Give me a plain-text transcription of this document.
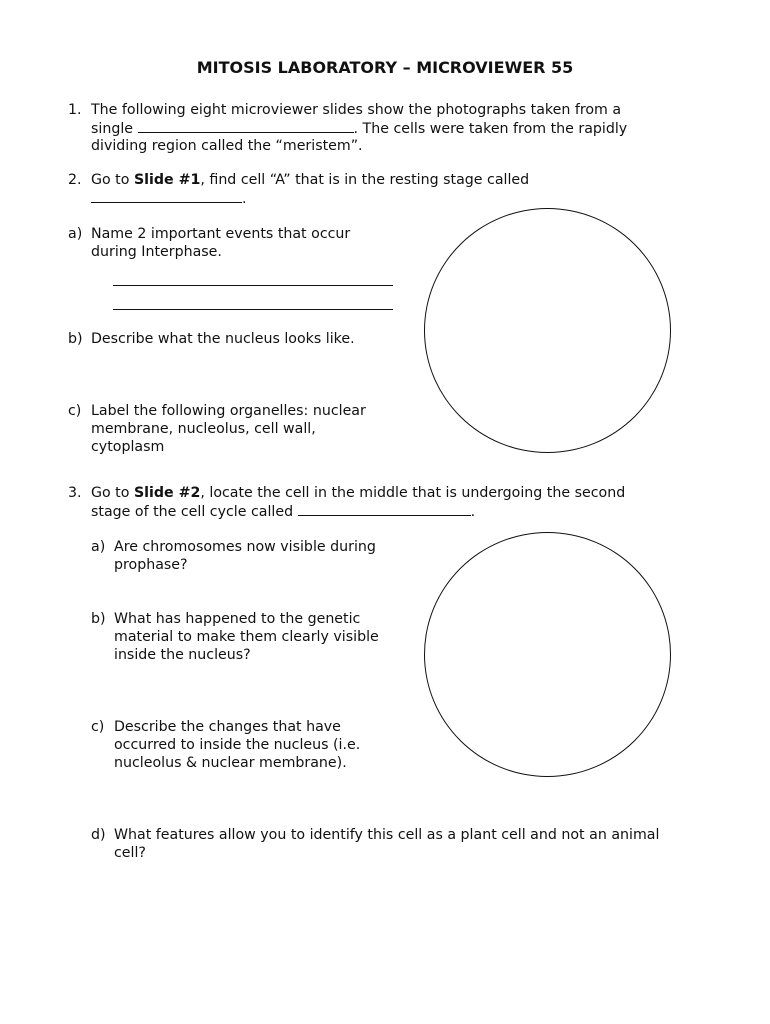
MITOSIS LABORATORY – MICROVIEWER 55
1. The following eight microviewer slides show the photographs taken from a
single	. The cells were taken from the rapidly
dividing region called the “meristem”.
2. Go to Slide #1, find cell “A” that is in the resting stage called
.
a) Name 2 important events that occur
during Interphase.
b) Describe what the nucleus looks like.
c) Label the following organelles: nuclear
membrane, nucleolus, cell wall,
cytoplasm
3. Go to Slide #2, locate the cell in the middle that is undergoing the second
stage of the cell cycle called	.
a) Are chromosomes now visible during
prophase?
b) What has happened to the genetic
material to make them clearly visible
inside the nucleus?
c) Describe the changes that have
occurred to inside the nucleus (i.e.
nucleolus & nuclear membrane).
d) What features allow you to identify this cell as a plant cell and not an animal
cell?
